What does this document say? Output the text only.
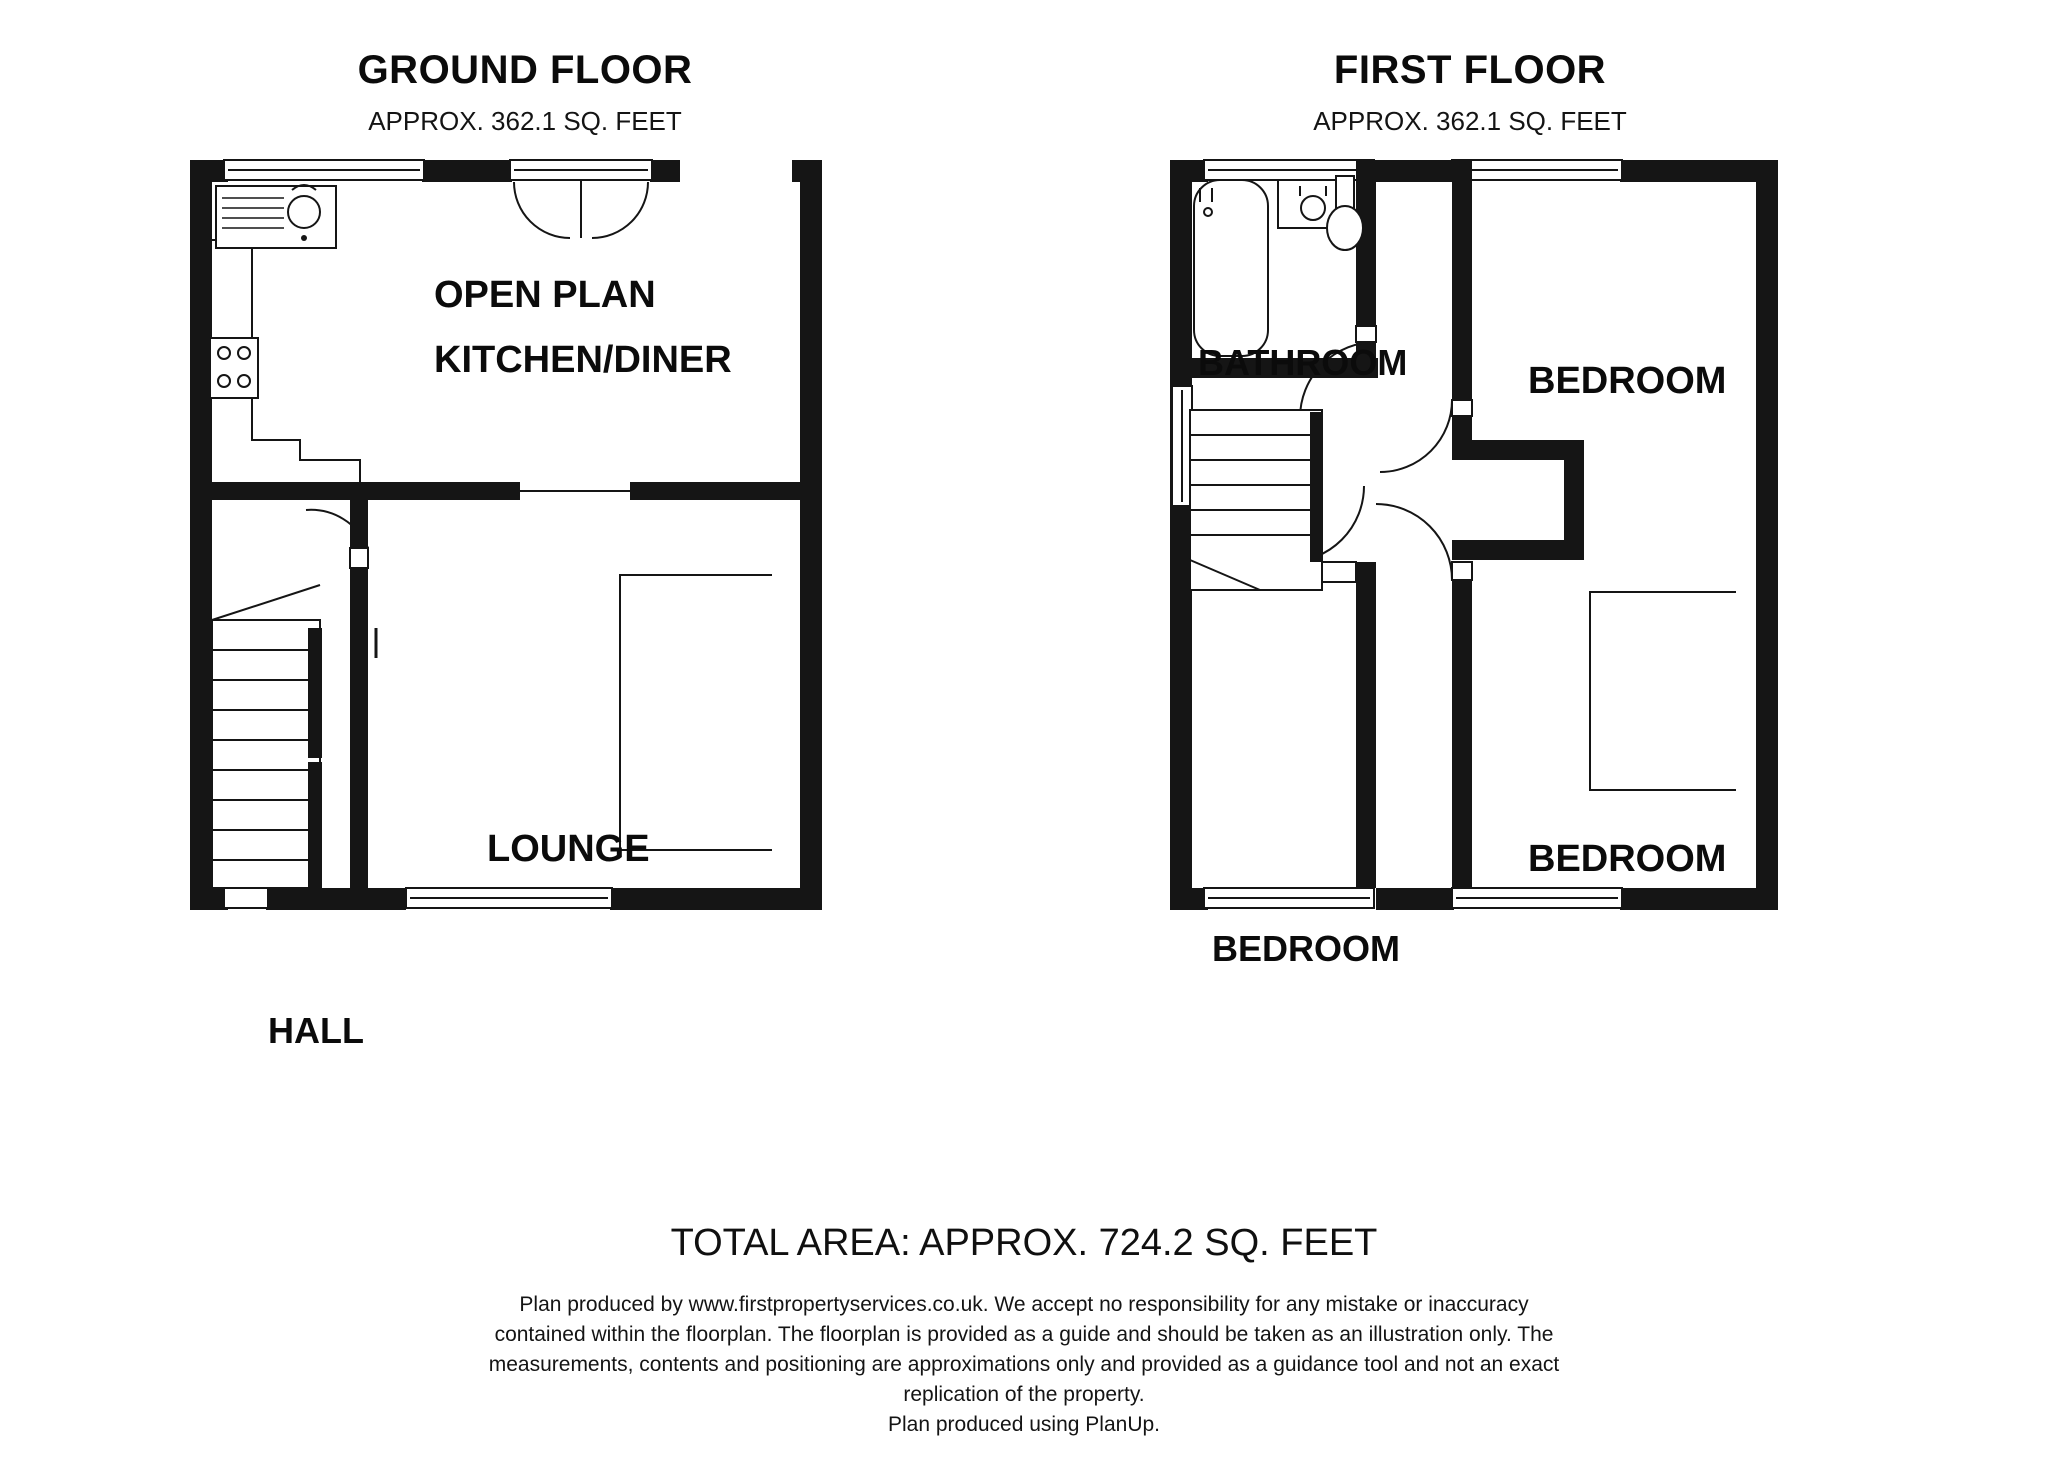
GROUND FLOOR
APPROX. 362.1 SQ. FEET
OPEN PLAN
KITCHEN/DINER
LOUNGE
HALL
FIRST FLOOR
APPROX. 362.1 SQ. FEET
BATHROOM	BEDROOM
BEDROOM
BEDROOM
TOTAL AREA: APPROX. 724.2 SQ. FEET
Plan produced by www.firstpropertyservices.co.uk. We accept no responsibility for any mistake or inaccuracy
contained within the floorplan. The floorplan is provided as a guide and should be taken as an illustration only. The
measurements, contents and positioning are approximations only and provided as a guidance tool and not an exact
replication of the property.
Plan produced using PlanUp.
